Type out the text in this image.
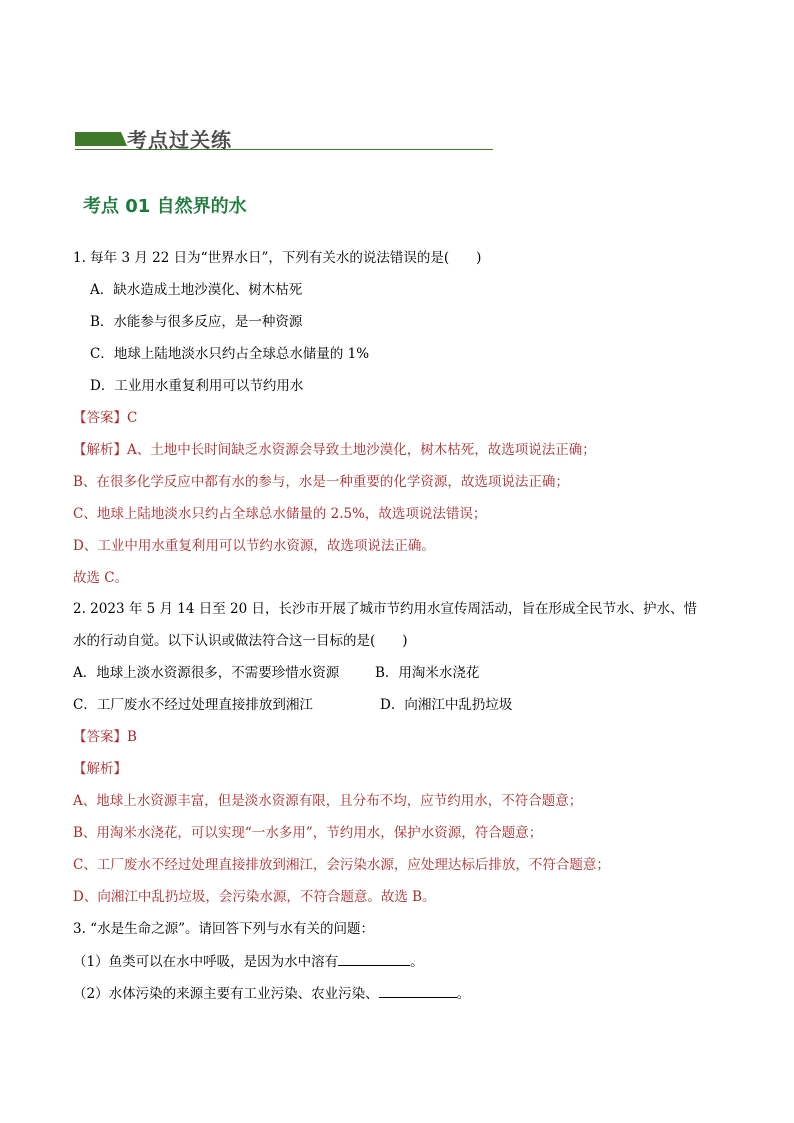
考点过关练
考点 01 自然界的水
1. 每年 3 月 22 日为“世界水日”，下列有关水的说法错误的是(　　)
A．缺水造成土地沙漠化、树木枯死
B．水能参与很多反应，是一种资源
C．地球上陆地淡水只约占全球总水储量的 1%
D．工业用水重复利用可以节约用水
【答案】C
【解析】A、土地中长时间缺乏水资源会导致土地沙漠化，树木枯死，故选项说法正确；
B、在很多化学反应中都有水的参与，水是一种重要的化学资源，故选项说法正确；
C、地球上陆地淡水只约占全球总水储量的 2.5%，故选项说法错误；
D、工业中用水重复利用可以节约水资源，故选项说法正确。
故选 C。
2. 2023 年 5 月 14 日至 20 日，长沙市开展了城市节约用水宣传周活动，旨在形成全民节水、护水、惜
水的行动自觉。以下认识或做法符合这一目标的是(　　)
A．地球上淡水资源很多，不需要珍惜水资源	B．用淘米水浇花
C．工厂废水不经过处理直接排放到湘江	D．向湘江中乱扔垃圾
【答案】B
【解析】
A、地球上水资源丰富，但是淡水资源有限，且分布不均，应节约用水，不符合题意；
B、用淘米水浇花，可以实现“一水多用”，节约用水，保护水资源，符合题意；
C、工厂废水不经过处理直接排放到湘江，会污染水源，应处理达标后排放，不符合题意；
D、向湘江中乱扔垃圾，会污染水源，不符合题意。故选 B。
3. “水是生命之源”。请回答下列与水有关的问题：
（1）鱼类可以在水中呼吸，是因为水中溶有	。
（2）水体污染的来源主要有工业污染、农业污染、	。
